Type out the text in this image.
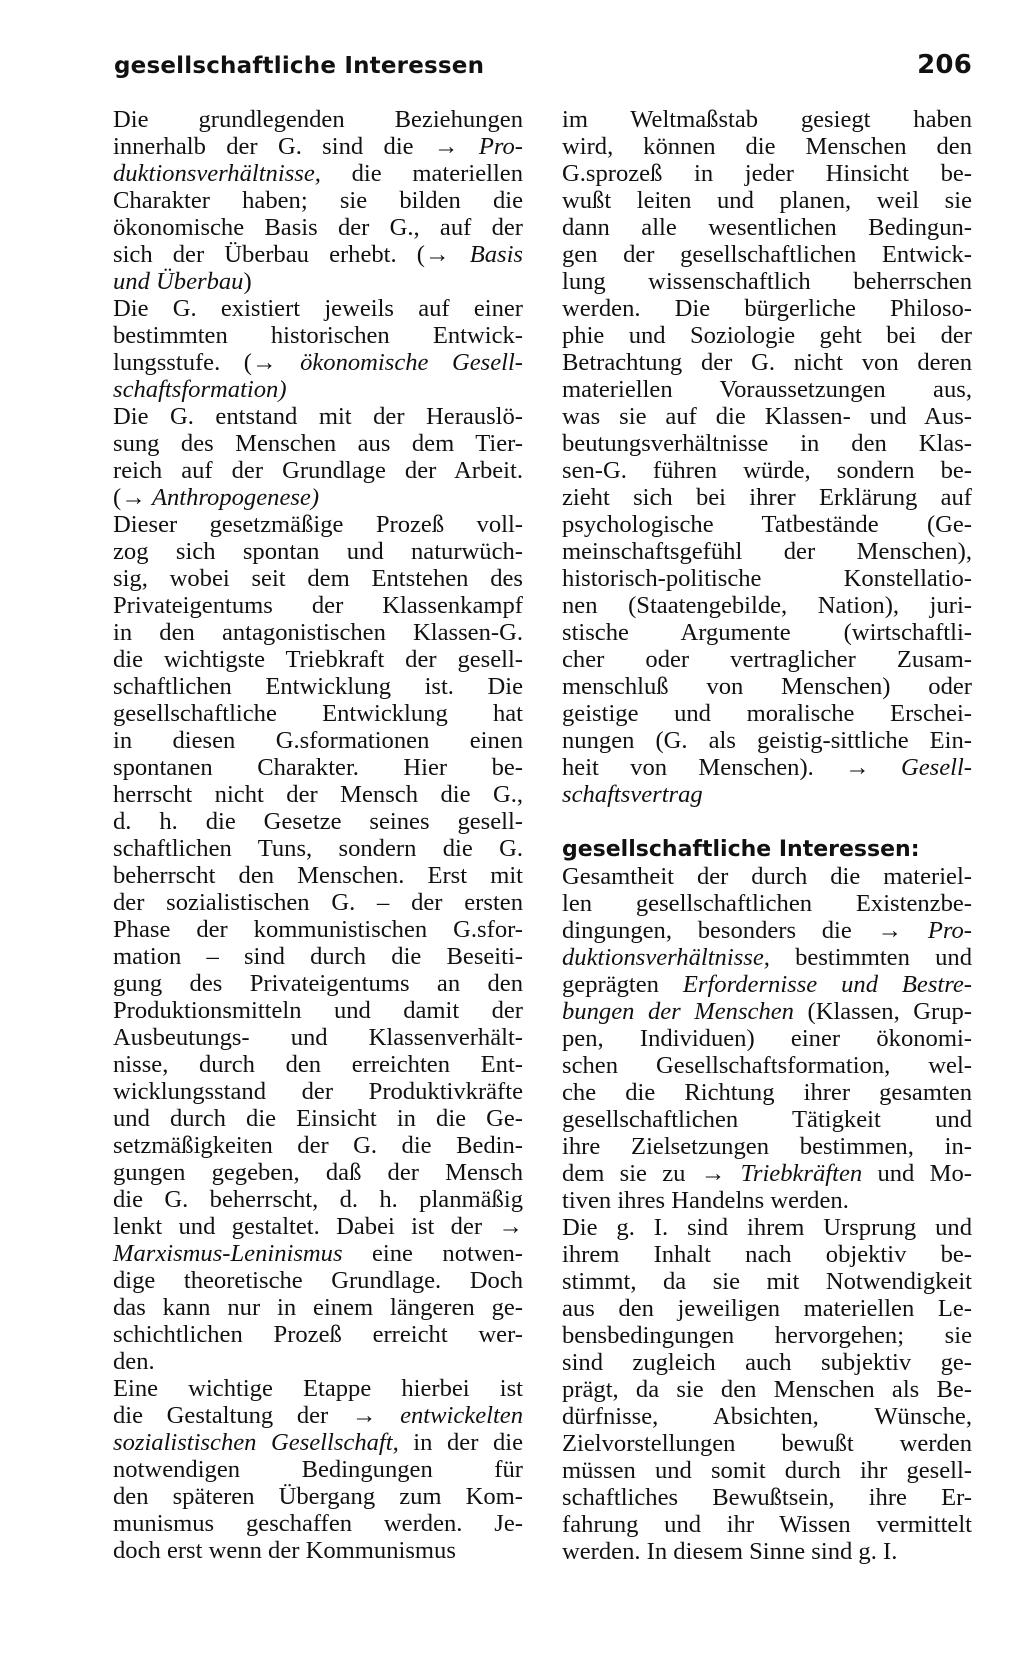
gesellschaftliche Interessen	206
Die grundlegenden Beziehungen
innerhalb der G. sind die → Pro-
duktionsverhältnisse, die materiellen
Charakter haben; sie bilden die
ökonomische Basis der G., auf der
sich der Überbau erhebt. (→ Basis
und Überbau)
Die G. existiert jeweils auf einer
bestimmten historischen Entwick-
lungsstufe. (→ ökonomische Gesell-
schaftsformation)
Die G. entstand mit der Herauslö-
sung des Menschen aus dem Tier-
reich auf der Grundlage der Arbeit.
(→ Anthropogenese)
Dieser gesetzmäßige Prozeß voll-
zog sich spontan und naturwüch-
sig, wobei seit dem Entstehen des
Privateigentums der Klassenkampf
in den antagonistischen Klassen-G.
die wichtigste Triebkraft der gesell-
schaftlichen Entwicklung ist. Die
gesellschaftliche Entwicklung hat
in diesen G.sformationen einen
spontanen Charakter. Hier be-
herrscht nicht der Mensch die G.,
d. h. die Gesetze seines gesell-
schaftlichen Tuns, sondern die G.
beherrscht den Menschen. Erst mit
der sozialistischen G. – der ersten
Phase der kommunistischen G.sfor-
mation – sind durch die Beseiti-
gung des Privateigentums an den
Produktionsmitteln und damit der
Ausbeutungs- und Klassenverhält-
nisse, durch den erreichten Ent-
wicklungsstand der Produktivkräfte
und durch die Einsicht in die Ge-
setzmäßigkeiten der G. die Bedin-
gungen gegeben, daß der Mensch
die G. beherrscht, d. h. planmäßig
lenkt und gestaltet. Dabei ist der →
Marxismus-Leninismus eine notwen-
dige theoretische Grundlage. Doch
das kann nur in einem längeren ge-
schichtlichen Prozeß erreicht wer-
den.
Eine wichtige Etappe hierbei ist
die Gestaltung der → entwickelten
sozialistischen Gesellschaft, in der die
notwendigen Bedingungen für
den späteren Übergang zum Kom-
munismus geschaffen werden. Je-
doch erst wenn der Kommunismus
im Weltmaßstab gesiegt haben
wird, können die Menschen den
G.sprozeß in jeder Hinsicht be-
wußt leiten und planen, weil sie
dann alle wesentlichen Bedingun-
gen der gesellschaftlichen Entwick-
lung wissenschaftlich beherrschen
werden. Die bürgerliche Philoso-
phie und Soziologie geht bei der
Betrachtung der G. nicht von deren
materiellen Voraussetzungen aus,
was sie auf die Klassen- und Aus-
beutungsverhältnisse in den Klas-
sen-G. führen würde, sondern be-
zieht sich bei ihrer Erklärung auf
psychologische Tatbestände (Ge-
meinschaftsgefühl der Menschen),
historisch-politische Konstellatio-
nen (Staatengebilde, Nation), juri-
stische Argumente (wirtschaftli-
cher oder vertraglicher Zusam-
menschluß von Menschen) oder
geistige und moralische Erschei-
nungen (G. als geistig-sittliche Ein-
heit von Menschen). → Gesell-
schaftsvertrag
gesellschaftliche Interessen:
Gesamtheit der durch die materiel-
len gesellschaftlichen Existenzbe-
dingungen, besonders die → Pro-
duktionsverhältnisse, bestimmten und
geprägten Erfordernisse und Bestre-
bungen der Menschen (Klassen, Grup-
pen, Individuen) einer ökonomi-
schen Gesellschaftsformation, wel-
che die Richtung ihrer gesamten
gesellschaftlichen Tätigkeit und
ihre Zielsetzungen bestimmen, in-
dem sie zu → Triebkräften und Mo-
tiven ihres Handelns werden.
Die g. I. sind ihrem Ursprung und
ihrem Inhalt nach objektiv be-
stimmt, da sie mit Notwendigkeit
aus den jeweiligen materiellen Le-
bensbedingungen hervorgehen; sie
sind zugleich auch subjektiv ge-
prägt, da sie den Menschen als Be-
dürfnisse, Absichten, Wünsche,
Zielvorstellungen bewußt werden
müssen und somit durch ihr gesell-
schaftliches Bewußtsein, ihre Er-
fahrung und ihr Wissen vermittelt
werden. In diesem Sinne sind g. I.
